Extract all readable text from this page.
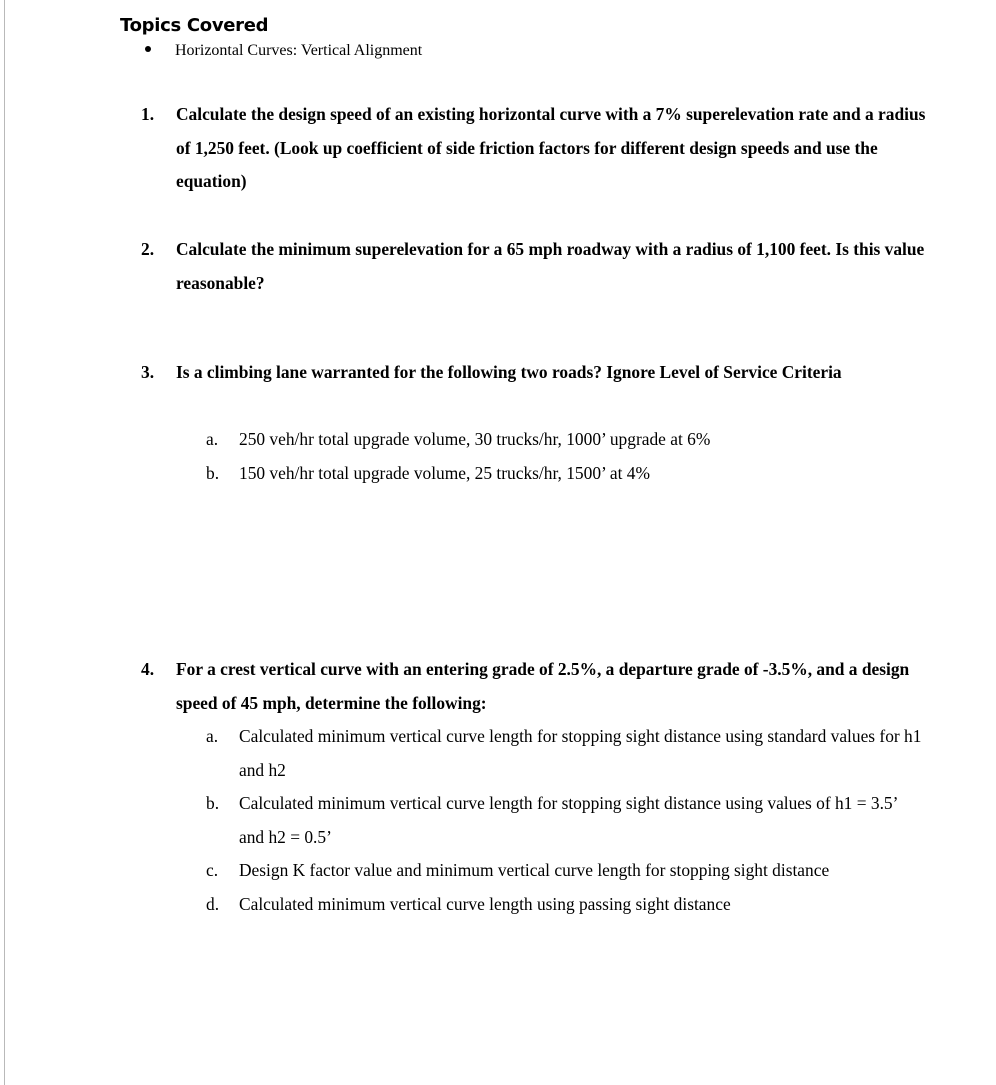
Topics Covered
Horizontal Curves: Vertical Alignment
1. Calculate the design speed of an existing horizontal curve with a 7% superelevation rate and a radius of 1,250 feet. (Look up coefficient of side friction factors for different design speeds and use the equation)
2. Calculate the minimum superelevation for a 65 mph roadway with a radius of 1,100 feet. Is this value reasonable?
3. Is a climbing lane warranted for the following two roads? Ignore Level of Service Criteria
a. 250 veh/hr total upgrade volume, 30 trucks/hr, 1000’ upgrade at 6%
b. 150 veh/hr total upgrade volume, 25 trucks/hr, 1500’ at 4%
4. For a crest vertical curve with an entering grade of 2.5%, a departure grade of -3.5%, and a design speed of 45 mph, determine the following:
a. Calculated minimum vertical curve length for stopping sight distance using standard values for h1 and h2
b. Calculated minimum vertical curve length for stopping sight distance using values of h1 = 3.5’ and h2 = 0.5’
c. Design K factor value and minimum vertical curve length for stopping sight distance
d. Calculated minimum vertical curve length using passing sight distance
